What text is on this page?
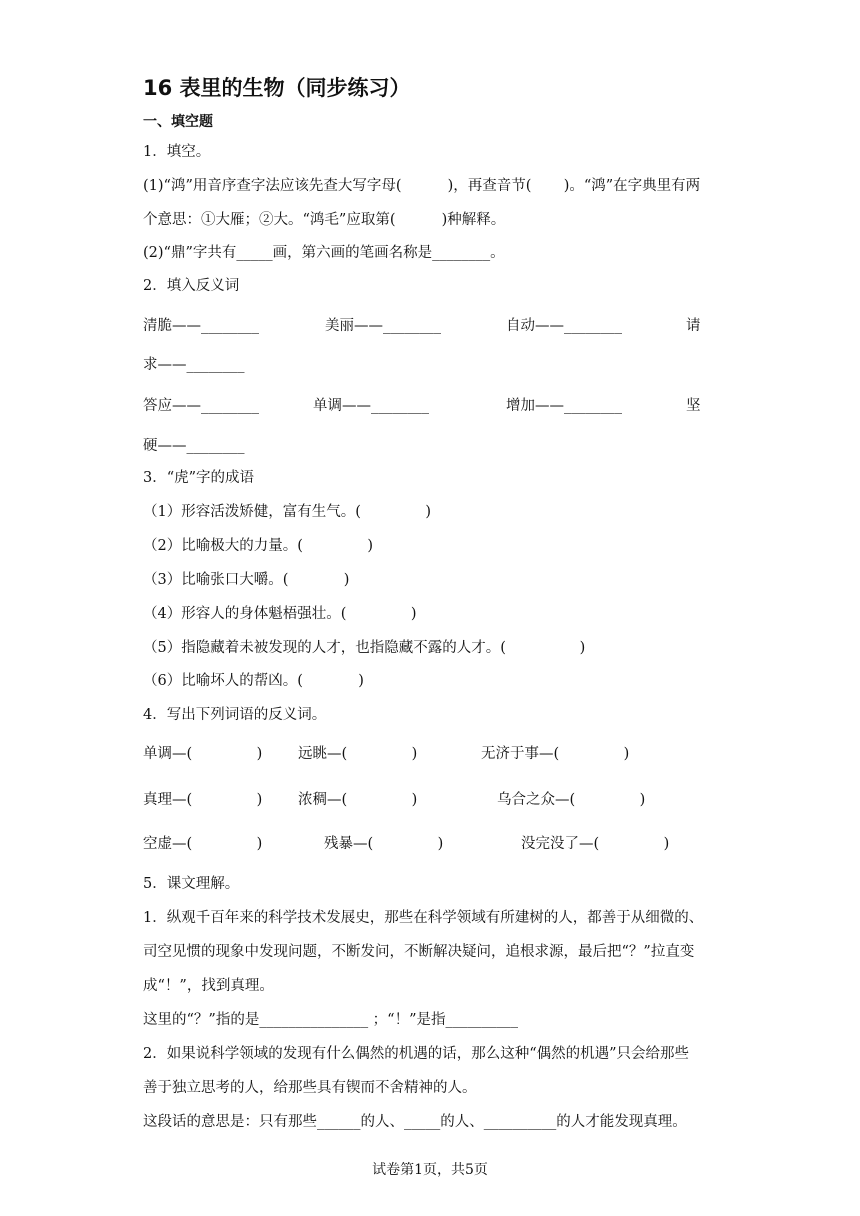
16 表里的生物（同步练习）
一、填空题
1．填空。
(1)“鸿”用音序查字法应该先查大写字母(          )，再查音节(       )。“鸿”在字典里有两
个意思：①大雁；②大。“鸿毛”应取第(          )种解释。
(2)“鼎”字共有_____画，第六画的笔画名称是________。
2．填入反义词
清脆——________	美丽——________	自动——________	请
求——________
答应——________	单调——________	增加——________	坚
硬——________
3．“虎”字的成语
（1）形容活泼矫健，富有生气。(              )
（2）比喻极大的力量。(              )
（3）比喻张口大嚼。(            )
（4）形容人的身体魁梧强壮。(              )
（5）指隐藏着未被发现的人才，也指隐藏不露的人才。(                )
（6）比喻坏人的帮凶。(            )
4．写出下列词语的反义词。
单调—(              ) 远眺—(              )	无济于事—(              )
真理—(              ) 浓稠—(              )	乌合之众—(              )
空虚—(              )	残暴—(              )	没完没了—(              )
5．课文理解。
1．纵观千百年来的科学技术发展史，那些在科学领域有所建树的人，都善于从细微的、
司空见惯的现象中发现问题，不断发问，不断解决疑问，追根求源，最后把“？”拉直变
成“！”，找到真理。
这里的“？”指的是_______________ ；“！”是指__________
2．如果说科学领域的发现有什么偶然的机遇的话，那么这种“偶然的机遇”只会给那些
善于独立思考的人，给那些具有锲而不舍精神的人。
这段话的意思是：只有那些______的人、_____的人、__________的人才能发现真理。
试卷第1页，共5页
